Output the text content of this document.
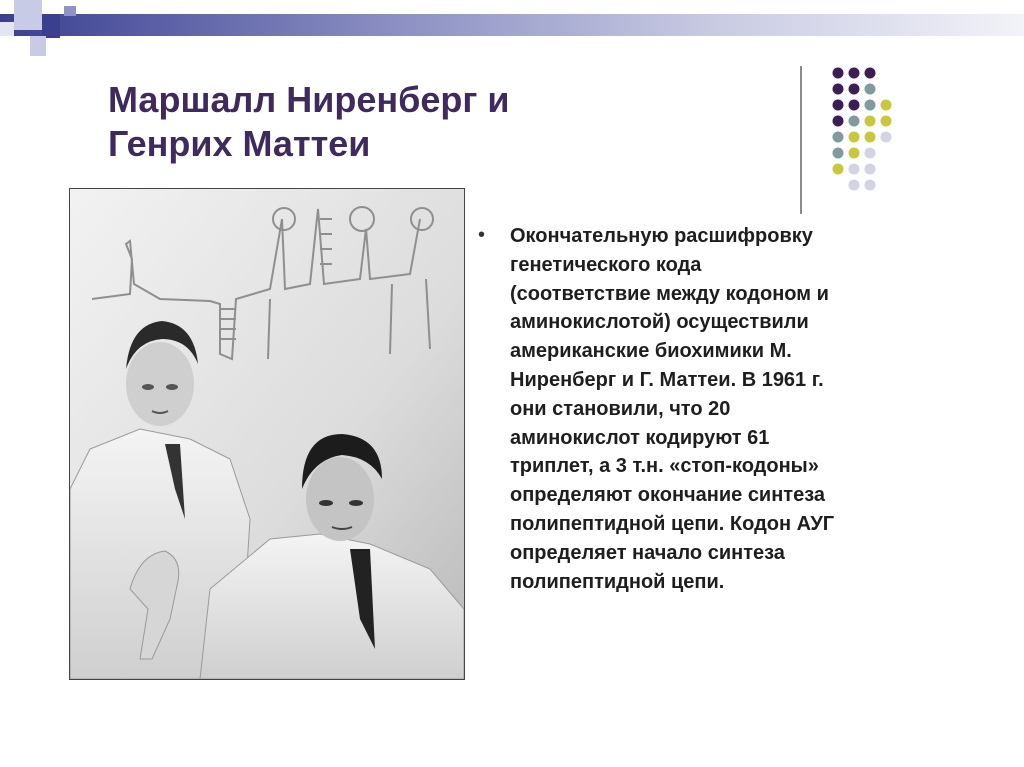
Маршалл Ниренберг и
Генрих Маттеи
• Окончательную расшифровку
генетического кода
(соответствие между кодоном и
аминокислотой) осуществили
американские биохимики М.
Ниренберг и Г. Маттеи. В 1961 г.
они становили, что 20
аминокислот кодируют 61
триплет, а 3 т.н. «стоп-кодоны»
определяют окончание синтеза
полипептидной цепи. Кодон АУГ
определяет начало синтеза
полипептидной цепи.
